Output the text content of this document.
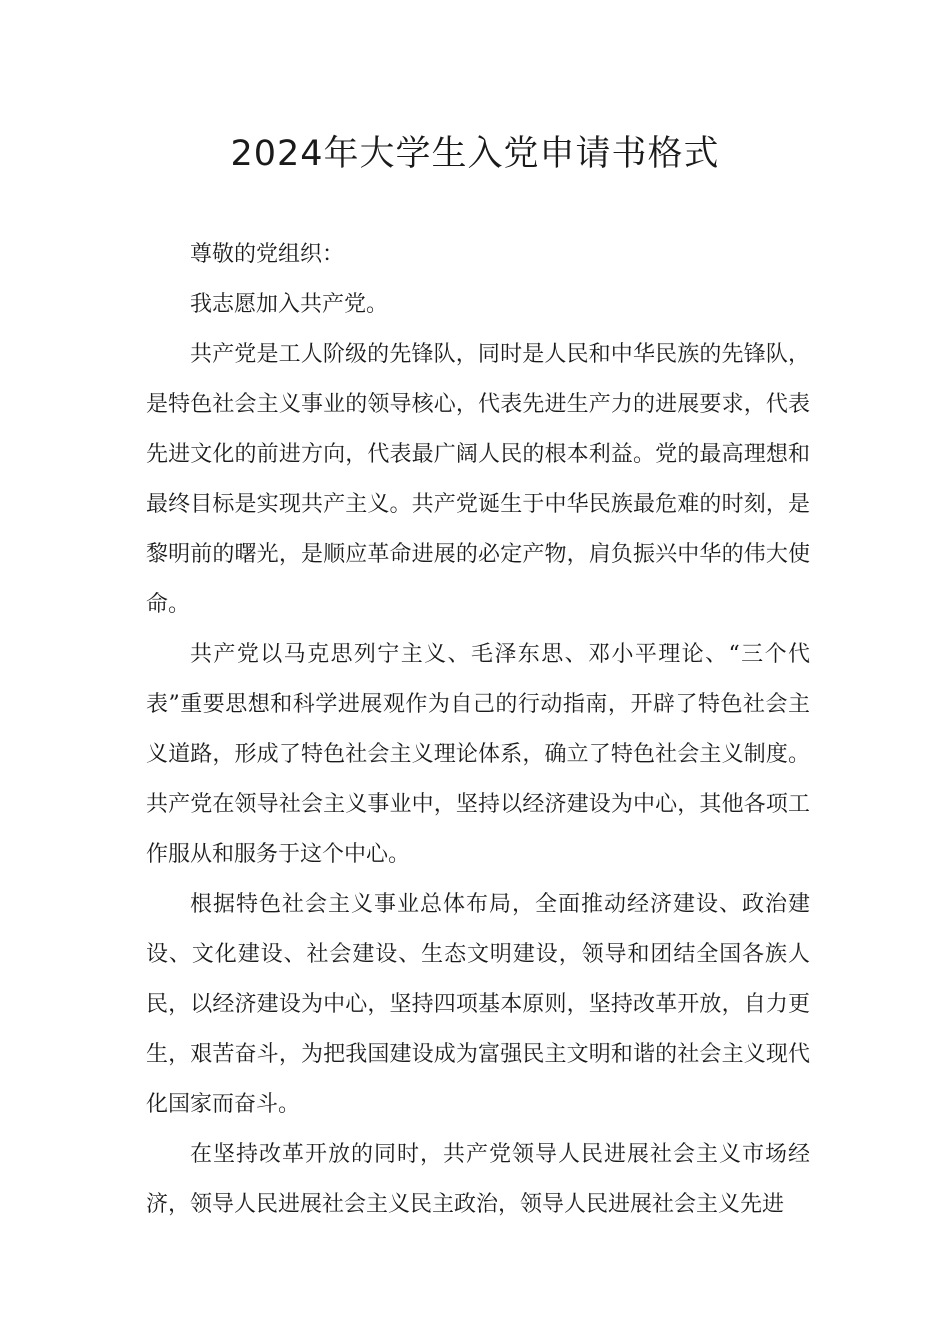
2024年大学生入党申请书格式

尊敬的党组织：

我志愿加入共产党。

共产党是工人阶级的先锋队，同时是人民和中华民族的先锋队，是特色社会主义事业的领导核心，代表先进生产力的进展要求，代表先进文化的前进方向，代表最广阔人民的根本利益。党的最高理想和最终目标是实现共产主义。共产党诞生于中华民族最危难的时刻，是黎明前的曙光，是顺应革命进展的必定产物，肩负振兴中华的伟大使命。

共产党以马克思列宁主义、毛泽东思、邓小平理论、“三个代表”重要思想和科学进展观作为自己的行动指南，开辟了特色社会主义道路，形成了特色社会主义理论体系，确立了特色社会主义制度。共产党在领导社会主义事业中，坚持以经济建设为中心，其他各项工作服从和服务于这个中心。

根据特色社会主义事业总体布局，全面推动经济建设、政治建设、文化建设、社会建设、生态文明建设，领导和团结全国各族人民，以经济建设为中心，坚持四项基本原则，坚持改革开放，自力更生，艰苦奋斗，为把我国建设成为富强民主文明和谐的社会主义现代化国家而奋斗。

在坚持改革开放的同时，共产党领导人民进展社会主义市场经济，领导人民进展社会主义民主政治，领导人民进展社会主义先进
